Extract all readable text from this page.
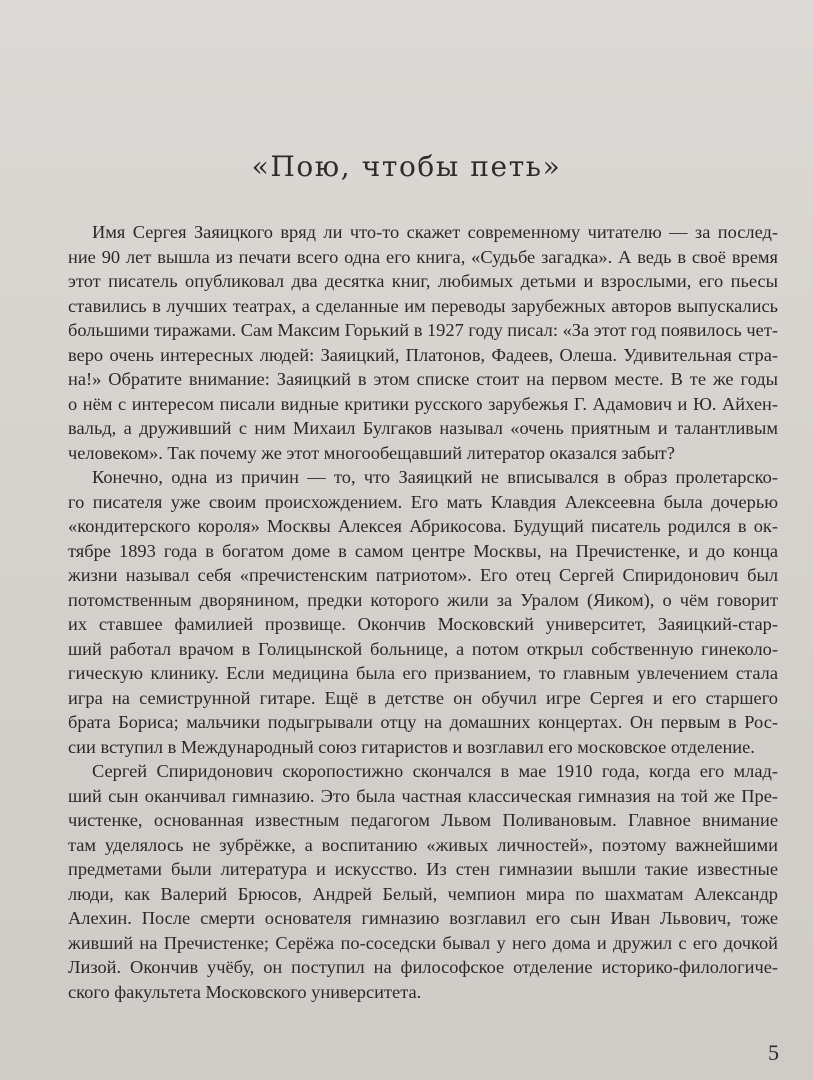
«Пою, чтобы петь»

Имя Сергея Заяицкого вряд ли что-то скажет современному читателю — за послед-
ние 90 лет вышла из печати всего одна его книга, «Судьбе загадка». А ведь в своё время
этот писатель опубликовал два десятка книг, любимых детьми и взрослыми, его пьесы
ставились в лучших театрах, а сделанные им переводы зарубежных авторов выпускались
большими тиражами. Сам Максим Горький в 1927 году писал: «За этот год появилось чет-
веро очень интересных людей: Заяицкий, Платонов, Фадеев, Олеша. Удивительная стра-
на!» Обратите внимание: Заяицкий в этом списке стоит на первом месте. В те же годы
о нём с интересом писали видные критики русского зарубежья Г. Адамович и Ю. Айхен-
вальд, а друживший с ним Михаил Булгаков называл «очень приятным и талантливым
человеком». Так почему же этот многообещавший литератор оказался забыт?

Конечно, одна из причин — то, что Заяицкий не вписывался в образ пролетарско-
го писателя уже своим происхождением. Его мать Клавдия Алексеевна была дочерью
«кондитерского короля» Москвы Алексея Абрикосова. Будущий писатель родился в ок-
тябре 1893 года в богатом доме в самом центре Москвы, на Пречистенке, и до конца
жизни называл себя «пречистенским патриотом». Его отец Сергей Спиридонович был
потомственным дворянином, предки которого жили за Уралом (Яиком), о чём говорит
их ставшее фамилией прозвище. Окончив Московский университет, Заяицкий-стар-
ший работал врачом в Голицынской больнице, а потом открыл собственную гинеколо-
гическую клинику. Если медицина была его призванием, то главным увлечением стала
игра на семиструнной гитаре. Ещё в детстве он обучил игре Сергея и его старшего
брата Бориса; мальчики подыгрывали отцу на домашних концертах. Он первым в Рос-
сии вступил в Международный союз гитаристов и возглавил его московское отделение.

Сергей Спиридонович скоропостижно скончался в мае 1910 года, когда его млад-
ший сын оканчивал гимназию. Это была частная классическая гимназия на той же Пре-
чистенке, основанная известным педагогом Львом Поливановым. Главное внимание
там уделялось не зубрёжке, а воспитанию «живых личностей», поэтому важнейшими
предметами были литература и искусство. Из стен гимназии вышли такие известные
люди, как Валерий Брюсов, Андрей Белый, чемпион мира по шахматам Александр
Алехин. После смерти основателя гимназию возглавил его сын Иван Львович, тоже
живший на Пречистенке; Серёжа по-соседски бывал у него дома и дружил с его дочкой
Лизой. Окончив учёбу, он поступил на философское отделение историко-филологиче-
ского факультета Московского университета.

5
